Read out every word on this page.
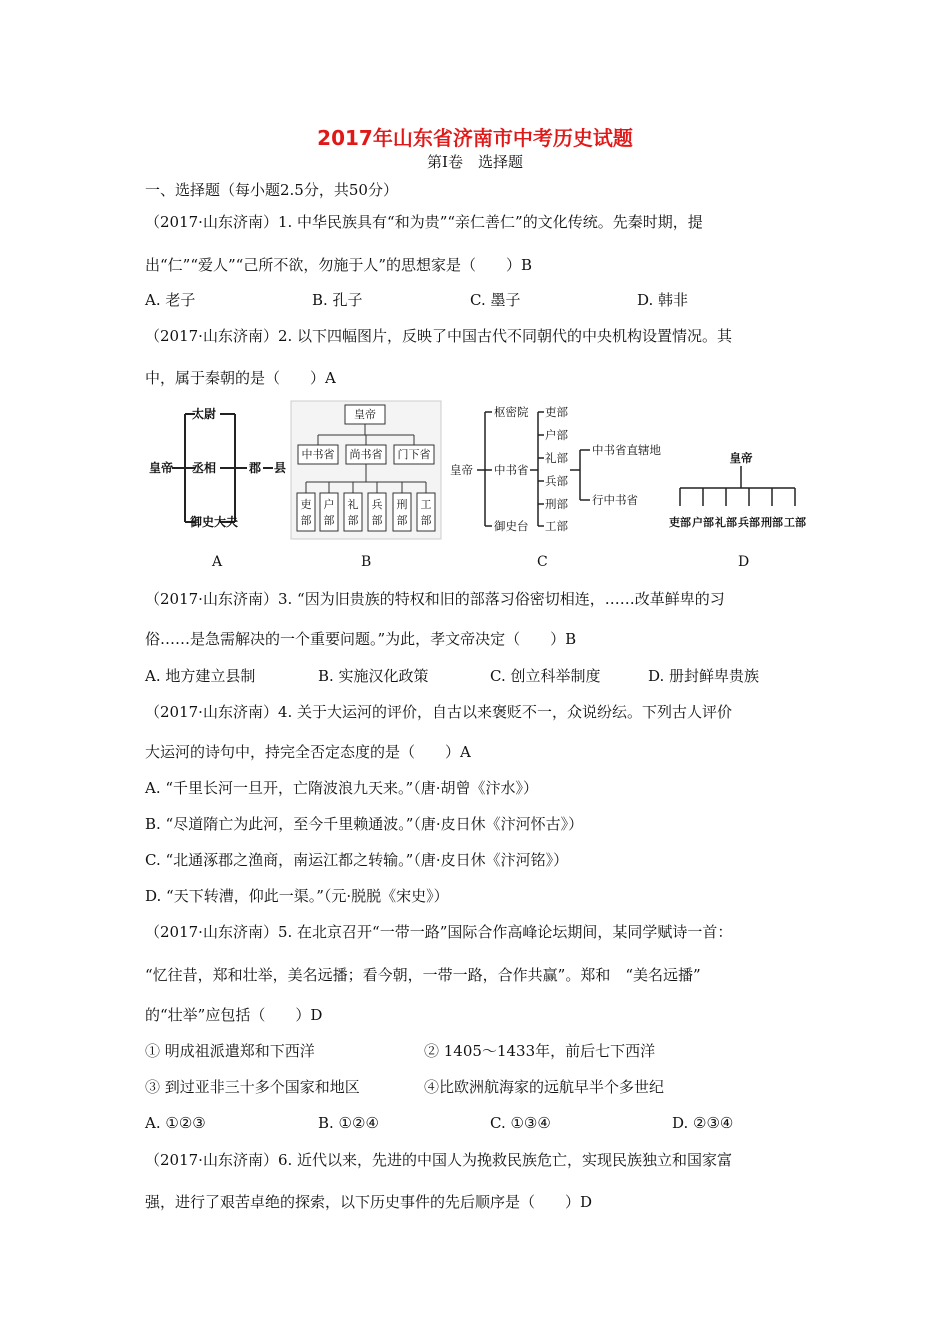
2017年山东省济南市中考历史试题
第Ⅰ卷　选择题
一、选择题（每小题2.5分，共50分）
（2017·山东济南）1. 中华民族具有“和为贵”“亲仁善仁”的文化传统。先秦时期，提
出“仁”“爱人”“己所不欲，勿施于人”的思想家是（　　）B
A. 老子	B. 孔子	C. 墨子	D. 韩非
（2017·山东济南）2. 以下四幅图片，反映了中国古代不同朝代的中央机构设置情况。其
中，属于秦朝的是（　　）A
皇帝
太尉
丞相
御史大夫
郡 县
皇帝
中书省 尚书省 门下省
吏
部
户
部
礼
部
兵
部
刑
部
工
部
皇帝
枢密院
中书省
御史台
中书省直辖地
行中书省
吏部
户部
礼部
兵部
刑部
工部
皇帝
吏部 户部 礼部 兵部 刑部 工部
A	B	C	D
（2017·山东济南）3. “因为旧贵族的特权和旧的部落习俗密切相连，……改革鲜卑的习
俗……是急需解决的一个重要问题。”为此，孝文帝决定（　　）B
A. 地方建立县制	B. 实施汉化政策	C. 创立科举制度	D. 册封鲜卑贵族
（2017·山东济南）4. 关于大运河的评价，自古以来褒贬不一，众说纷纭。下列古人评价
大运河的诗句中，持完全否定态度的是（　　）A
A. “千里长河一旦开，亡隋波浪九天来。”（唐·胡曾《汴水》）
B. “尽道隋亡为此河，至今千里赖通波。”（唐·皮日休《汴河怀古》）
C. “北通涿郡之渔商，南运江都之转输。”（唐·皮日休《汴河铭》）
D. “天下转漕，仰此一渠。”（元·脱脱《宋史》）
（2017·山东济南）5. 在北京召开“一带一路”国际合作高峰论坛期间，某同学赋诗一首：
“忆往昔，郑和壮举，美名远播；看今朝，一带一路，合作共赢”。郑和　“美名远播”
的“壮举”应包括（　　）D
① 明成祖派遣郑和下西洋	② 1405～1433年，前后七下西洋
③ 到过亚非三十多个国家和地区	④比欧洲航海家的远航早半个多世纪
A. ①②③	B. ①②④	C. ①③④	D. ②③④
（2017·山东济南）6. 近代以来，先进的中国人为挽救民族危亡，实现民族独立和国家富
强，进行了艰苦卓绝的探索，以下历史事件的先后顺序是（　　）D
